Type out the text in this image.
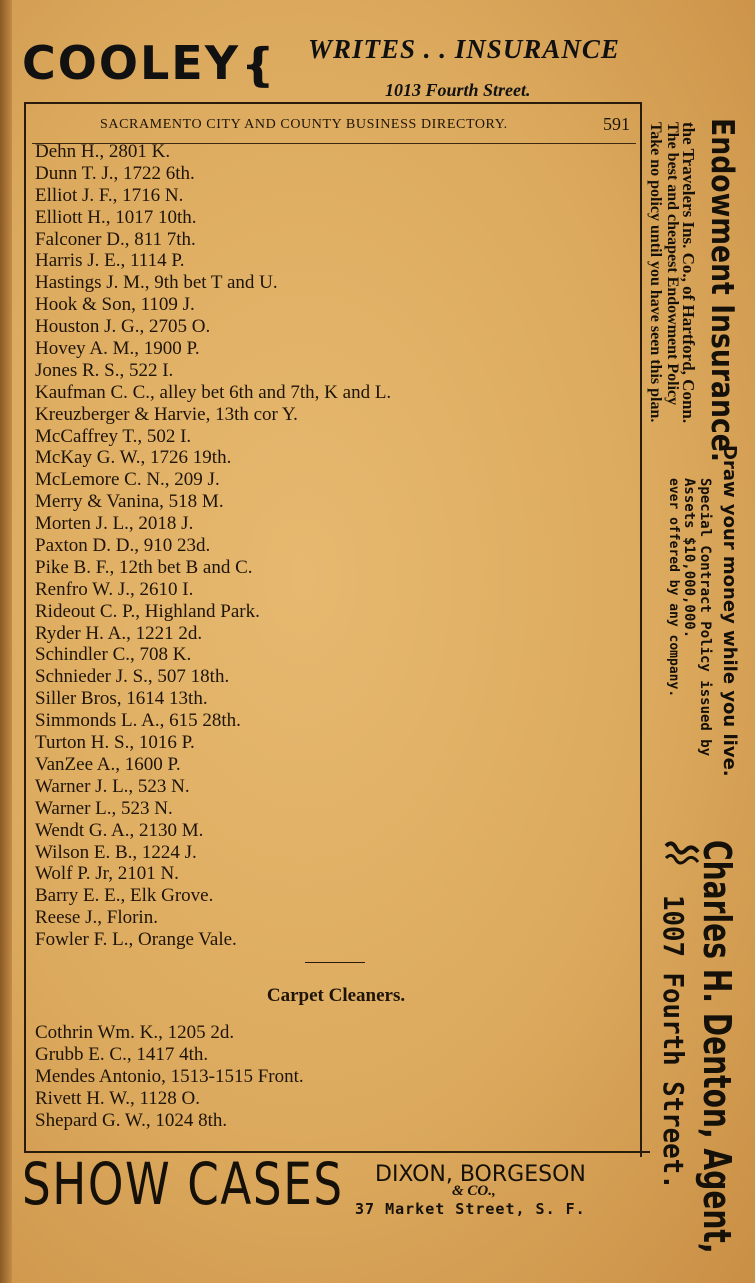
COOLEY ❴ WRITES . . INSURANCE
1013 Fourth Street.
SACRAMENTO CITY AND COUNTY BUSINESS DIRECTORY.	591
Dehn H., 2801 K.
Dunn T. J., 1722 6th.
Elliot J. F., 1716 N.
Elliott H., 1017 10th.
Falconer D., 811 7th.
Harris J. E., 1114 P.
Hastings J. M., 9th bet T and U.
Hook & Son, 1109 J.
Houston J. G., 2705 O.
Hovey A. M., 1900 P.
Jones R. S., 522 I.
Kaufman C. C., alley bet 6th and 7th, K and L.
Kreuzberger & Harvie, 13th cor Y.
McCaffrey T., 502 I.
McKay G. W., 1726 19th.
McLemore C. N., 209 J.
Merry & Vanina, 518 M.
Morten J. L., 2018 J.
Paxton D. D., 910 23d.
Pike B. F., 12th bet B and C.
Renfro W. J., 2610 I.
Rideout C. P., Highland Park.
Ryder H. A., 1221 2d.
Schindler C., 708 K.
Schnieder J. S., 507 18th.
Siller Bros, 1614 13th.
Simmonds L. A., 615 28th.
Turton H. S., 1016 P.
VanZee A., 1600 P.
Warner J. L., 523 N.
Warner L., 523 N.
Wendt G. A., 2130 M.
Wilson E. B., 1224 J.
Wolf P. Jr, 2101 N.
Barry E. E., Elk Grove.
Reese J., Florin.
Fowler F. L., Orange Vale.
Carpet Cleaners.
Cothrin Wm. K., 1205 2d.
Grubb E. C., 1417 4th.
Mendes Antonio, 1513-1515 Front.
Rivett H. W., 1128 O.
Shepard G. W., 1024 8th.
SHOW CASES DIXON, BORGESON
& CO.,
37 Market Street, S. F.
Endowment Insurance.
the Travelers Ins. Co., of Hartford, Conn.
The best and cheapest Endowment Policy
Take no policy until you have seen this plan.
Draw your money while you live.
Special Contract Policy issued by
Assets $10,000,000.
ever offered by any company.
Charles H. Denton, Agent,
1007 Fourth Street.
